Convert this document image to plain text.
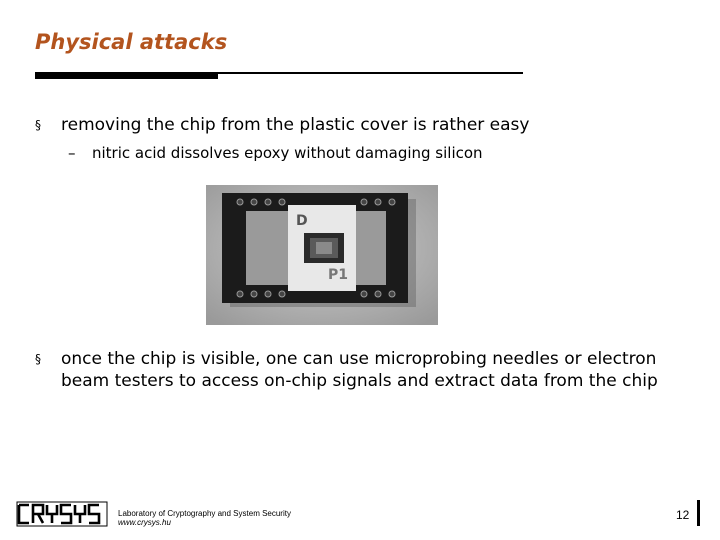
Physical attacks
§ removing the chip from the plastic cover is rather easy
– nitric acid dissolves epoxy without damaging silicon
D
P1
§ once the chip is visible, one can use microprobing needles or electron beam testers to access on-chip signals and extract data from the chip
Laboratory of Cryptography and System Security
www.crysys.hu
12
